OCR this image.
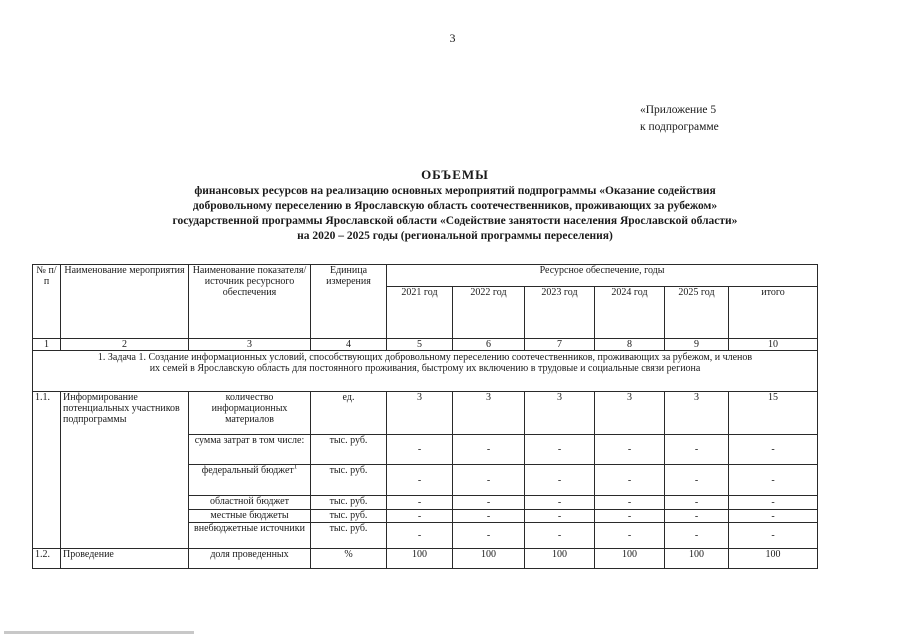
3
«Приложение 5
к подпрограмме
ОБЪЕМЫ
финансовых ресурсов на реализацию основных мероприятий подпрограммы «Оказание содействия
добровольному переселению в Ярославскую область соотечественников, проживающих за рубежом»
государственной программы Ярославской области «Содействие занятости населения Ярославской области»
на 2020 – 2025 годы (региональной программы переселения)
№ п/п	Наименование мероприятия	Наименование показателя/ источник ресурсного обеспечения	Единица измерения	Ресурсное обеспечение, годы					
				2021 год	2022 год	2023 год	2024 год	2025 год	итого
1	2	3	4	5	6	7	8	9	10
1. Задача 1. Создание информационных условий, способствующих добровольному переселению соотечественников, проживающих за рубежом, и членов их семей в Ярославскую область для постоянного проживания, быстрому их включению в трудовые и социальные связи региона									
1.1.	Информирование потенциальных участников подпрограммы	количество информационных материалов	ед.	3	3	3	3	3	15
		сумма затрат в том числе:	тыс. руб.	-	-	-	-	-	-
		федеральный бюджет$^1$	тыс. руб.	-	-	-	-	-	-
		областной бюджет	тыс. руб.	-	-	-	-	-	-
		местные бюджеты	тыс. руб.	-	-	-	-	-	-
		внебюджетные источники	тыс. руб.	-	-	-	-	-	-
1.2.	Проведение	доля проведенных	%	100	100	100	100	100	100
